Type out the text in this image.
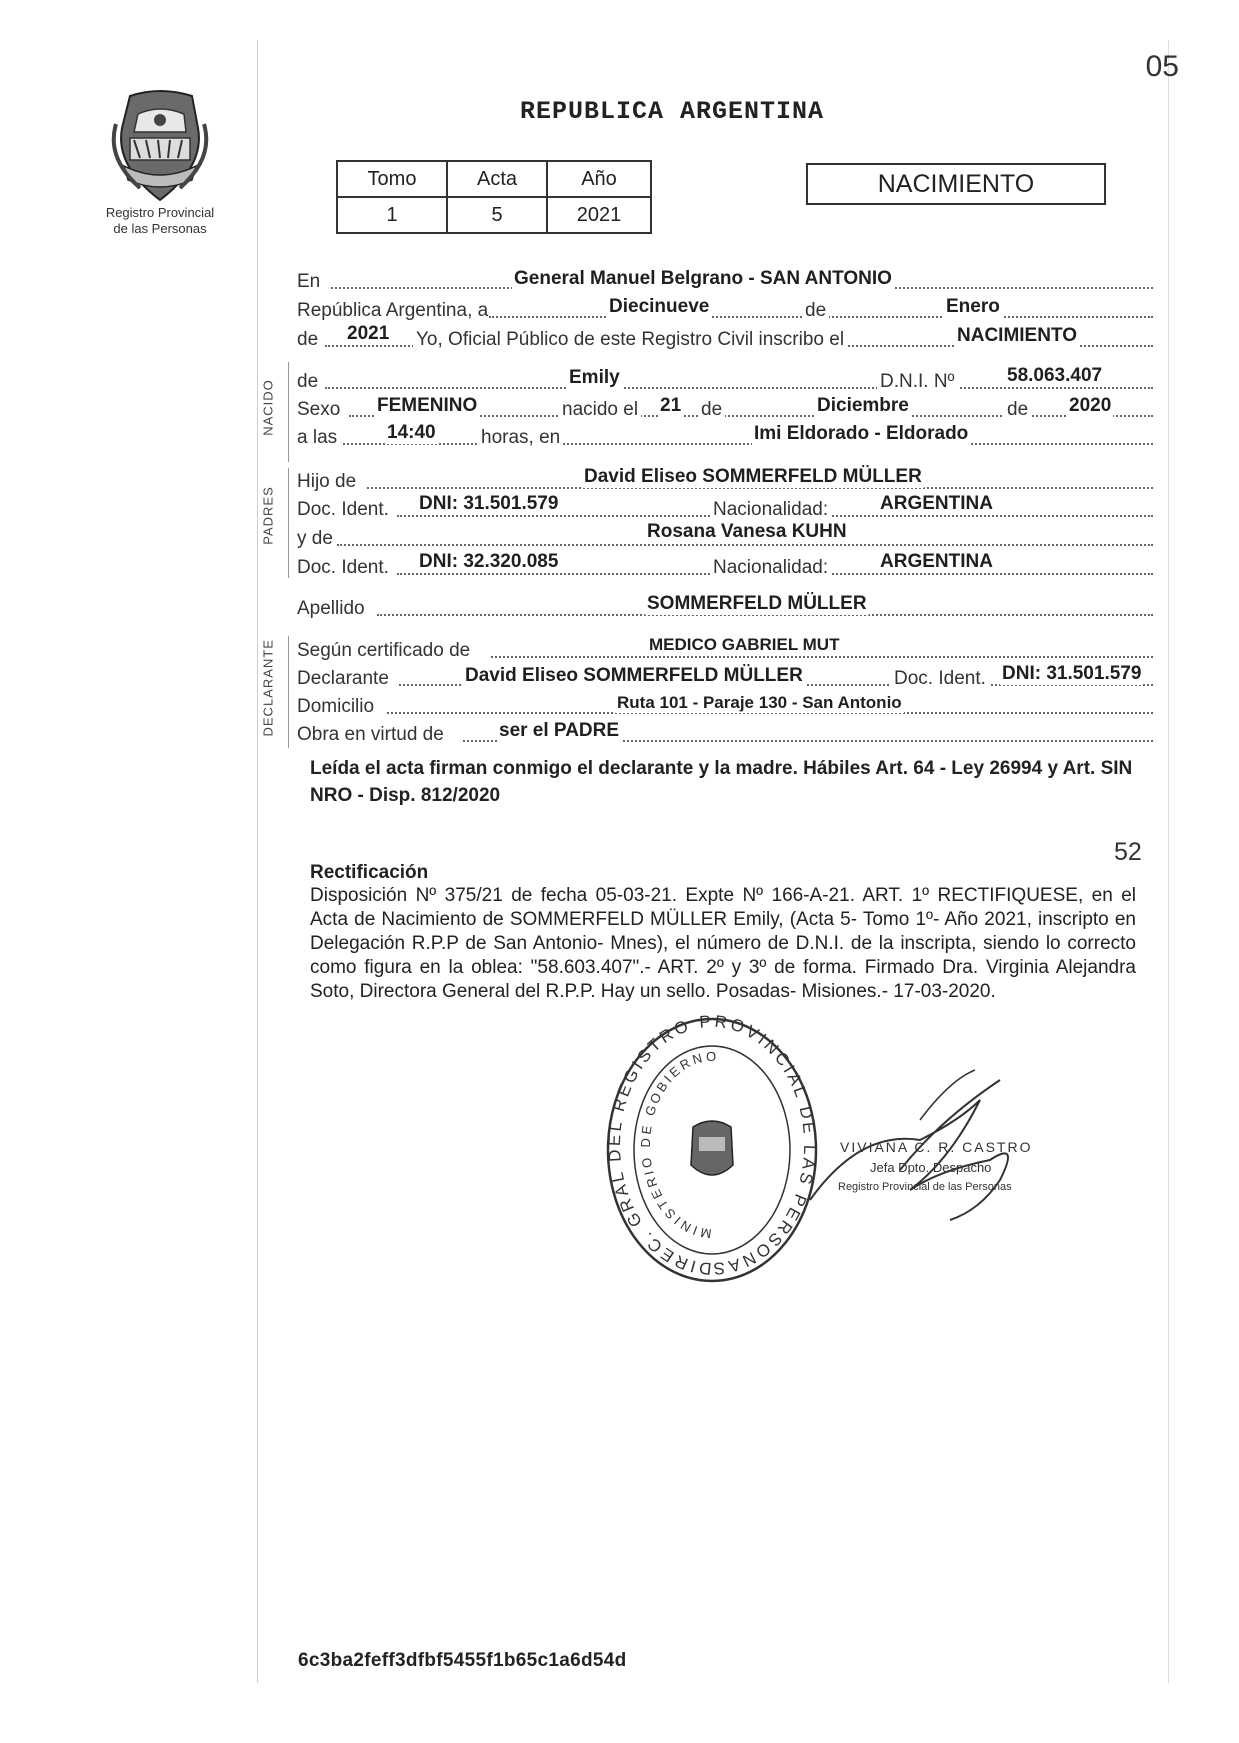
05
Registro Provincial
de las Personas
REPUBLICA ARGENTINA
Tomo	Acta	Año
1	5	2021
NACIMIENTO
NACIDO
PADRES
DECLARANTE
En	General Manuel Belgrano - SAN ANTONIO
República Argentina, a	Diecinueve	de	Enero
de 2021 Yo, Oficial Público de este Registro Civil inscribo el	NACIMIENTO
de	Emily	D.N.I. Nº	58.063.407
Sexo FEMENINO	nacido el 21 de	Diciembre	de 2020
a las	14:40 horas, en	Imi Eldorado - Eldorado
Hijo de	David Eliseo SOMMERFELD MÜLLER
Doc. Ident. DNI: 31.501.579	Nacionalidad:	ARGENTINA
y de	Rosana Vanesa KUHN
Doc. Ident. DNI: 32.320.085	Nacionalidad:	ARGENTINA
Apellido	SOMMERFELD MÜLLER
Según certificado de	MEDICO GABRIEL MUT
Declarante	David Eliseo SOMMERFELD MÜLLER	Doc. Ident. DNI: 31.501.579
Domicilio	Ruta 101 - Paraje 130 - San Antonio
Obra en virtud de	ser el PADRE
Leída el acta firman conmigo el declarante y la madre. Hábiles Art. 64 - Ley 26994 y Art. SIN NRO - Disp. 812/2020
52
Rectificación
Disposición Nº 375/21 de fecha 05-03-21. Expte Nº 166-A-21. ART. 1º RECTIFIQUESE, en el Acta de Nacimiento de SOMMERFELD MÜLLER Emily, (Acta 5- Tomo 1º- Año 2021, inscripto en Delegación R.P.P de San Antonio- Mnes), el número de D.N.I. de la inscripta, siendo lo correcto como figura en la oblea: "58.603.407".- ART. 2º y 3º de forma. Firmado Dra. Virginia Alejandra Soto, Directora General del R.P.P. Hay un sello. Posadas- Misiones.- 17-03-2020.
DIREC. GRAL DEL REGISTRO PROVINCIAL DE LAS PERSONAS
MINISTERIO DE GOBIERNO
VIVIANA C. R. CASTRO
Jefa Dpto. Despacho
Registro Provincial de las Personas
6c3ba2feff3dfbf5455f1b65c1a6d54d
